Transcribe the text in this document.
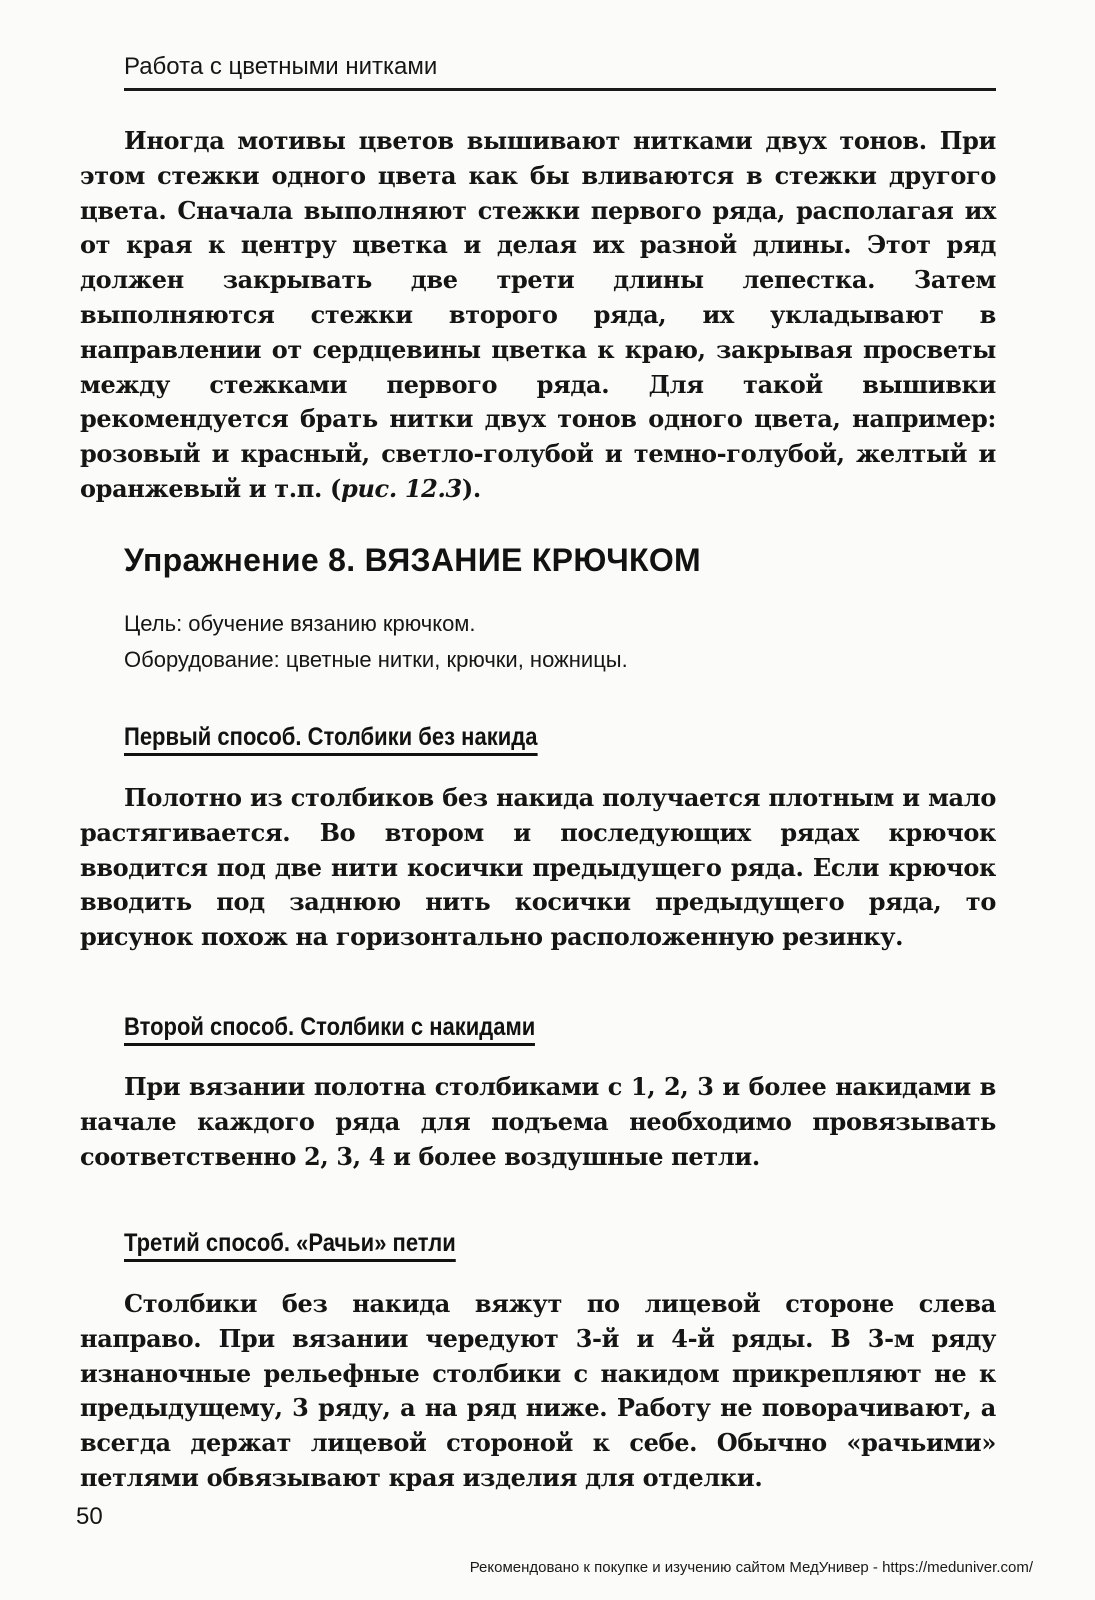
Работа с цветными нитками

Иногда мотивы цветов вышивают нитками двух тонов. При этом стежки одного цвета как бы вливаются в стежки другого цвета. Сначала выполняют стежки первого ряда, располагая их от края к центру цветка и делая их разной длины. Этот ряд должен закрывать две трети длины лепестка. Затем выполняются стежки второго ряда, их укладывают в направлении от сердцевины цветка к краю, закрывая просветы между стежками первого ряда. Для такой вышивки рекомендуется брать нитки двух тонов одного цвета, например: розовый и красный, светло-голубой и темно-голубой, желтый и оранжевый и т.п. (рис. 12.3).

Упражнение 8. ВЯЗАНИЕ КРЮЧКОМ

Цель: обучение вязанию крючком.

Оборудование: цветные нитки, крючки, ножницы.

Первый способ. Столбики без накида

Полотно из столбиков без накида получается плотным и мало растягивается. Во втором и последующих рядах крючок вводится под две нити косички предыдущего ряда. Если крючок вводить под заднюю нить косички предыдущего ряда, то рисунок похож на горизонтально расположенную резинку.

Второй способ. Столбики с накидами

При вязании полотна столбиками с 1, 2, 3 и более накидами в начале каждого ряда для подъема необходимо провязывать соответственно 2, 3, 4 и более воздушные петли.

Третий способ. «Рачьи» петли

Столбики без накида вяжут по лицевой стороне слева направо. При вязании чередуют 3-й и 4-й ряды. В 3-м ряду изнаночные рельефные столбики с накидом прикрепляют не к предыдущему, 3 ряду, а на ряд ниже. Работу не поворачивают, а всегда держат лицевой стороной к себе. Обычно «рачьими» петлями обвязывают края изделия для отделки.

50
Рекомендовано к покупке и изучению сайтом МедУнивер - https://meduniver.com/
